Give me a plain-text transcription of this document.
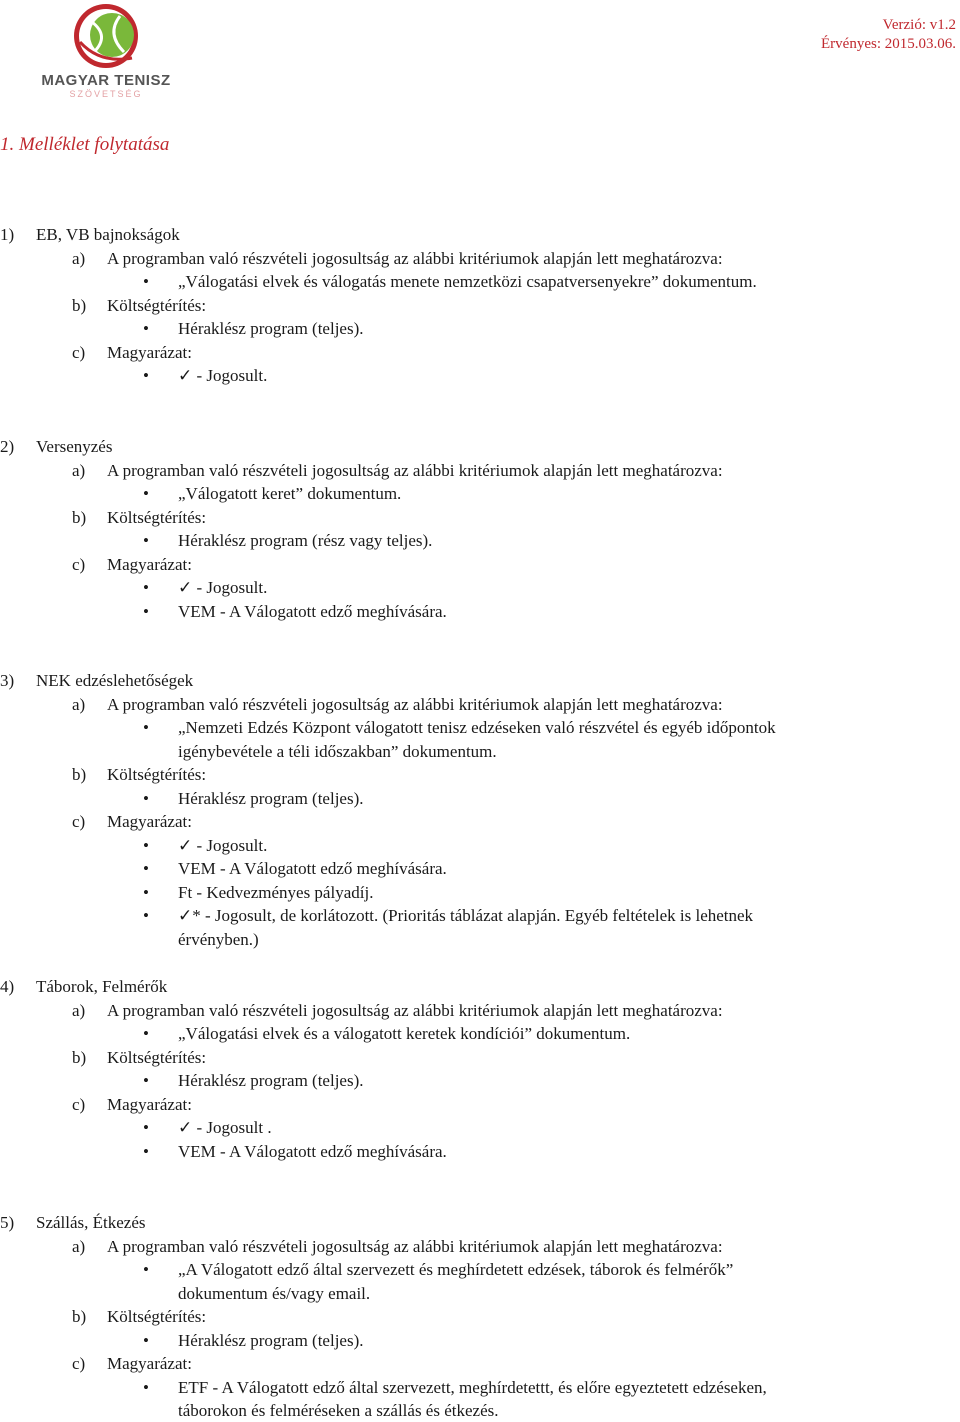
MAGYAR TENISZ
SZÖVETSÉG
Verzió: v1.2
Érvényes: 2015.03.06.
1. Melléklet folytatása
1) EB, VB bajnokságok
a) A programban való részvételi jogosultság az alábbi kritériumok alapján lett meghatározva:
• „Válogatási elvek és válogatás menete nemzetközi csapatversenyekre” dokumentum.
b) Költségtérítés:
• Héraklész program (teljes).
c) Magyarázat:
• ✓ - Jogosult.
2) Versenyzés
a) A programban való részvételi jogosultság az alábbi kritériumok alapján lett meghatározva:
• „Válogatott keret” dokumentum.
b) Költségtérítés:
• Héraklész program (rész vagy teljes).
c) Magyarázat:
• ✓ - Jogosult.
• VEM - A Válogatott edző meghívására.
3) NEK edzéslehetőségek
a) A programban való részvételi jogosultság az alábbi kritériumok alapján lett meghatározva:
• „Nemzeti Edzés Központ válogatott tenisz edzéseken való részvétel és egyéb időpontok
igénybevétele a téli időszakban” dokumentum.
b) Költségtérítés:
• Héraklész program (teljes).
c) Magyarázat:
• ✓ - Jogosult.
• VEM - A Válogatott edző meghívására.
• Ft - Kedvezményes pályadíj.
• ✓* - Jogosult, de korlátozott. (Prioritás táblázat alapján. Egyéb feltételek is lehetnek
érvényben.)
4) Táborok, Felmérők
a) A programban való részvételi jogosultság az alábbi kritériumok alapján lett meghatározva:
• „Válogatási elvek és a válogatott keretek kondíciói” dokumentum.
b) Költségtérítés:
• Héraklész program (teljes).
c) Magyarázat:
• ✓ - Jogosult .
• VEM - A Válogatott edző meghívására.
5) Szállás, Étkezés
a) A programban való részvételi jogosultság az alábbi kritériumok alapján lett meghatározva:
• „A Válogatott edző által szervezett és meghírdetett edzések, táborok és felmérők”
dokumentum és/vagy email.
b) Költségtérítés:
• Héraklész program (teljes).
c) Magyarázat:
• ETF - A Válogatott edző által szervezett, meghírdetettt, és előre egyeztetett edzéseken,
táborokon és felméréseken a szállás és étkezés.
